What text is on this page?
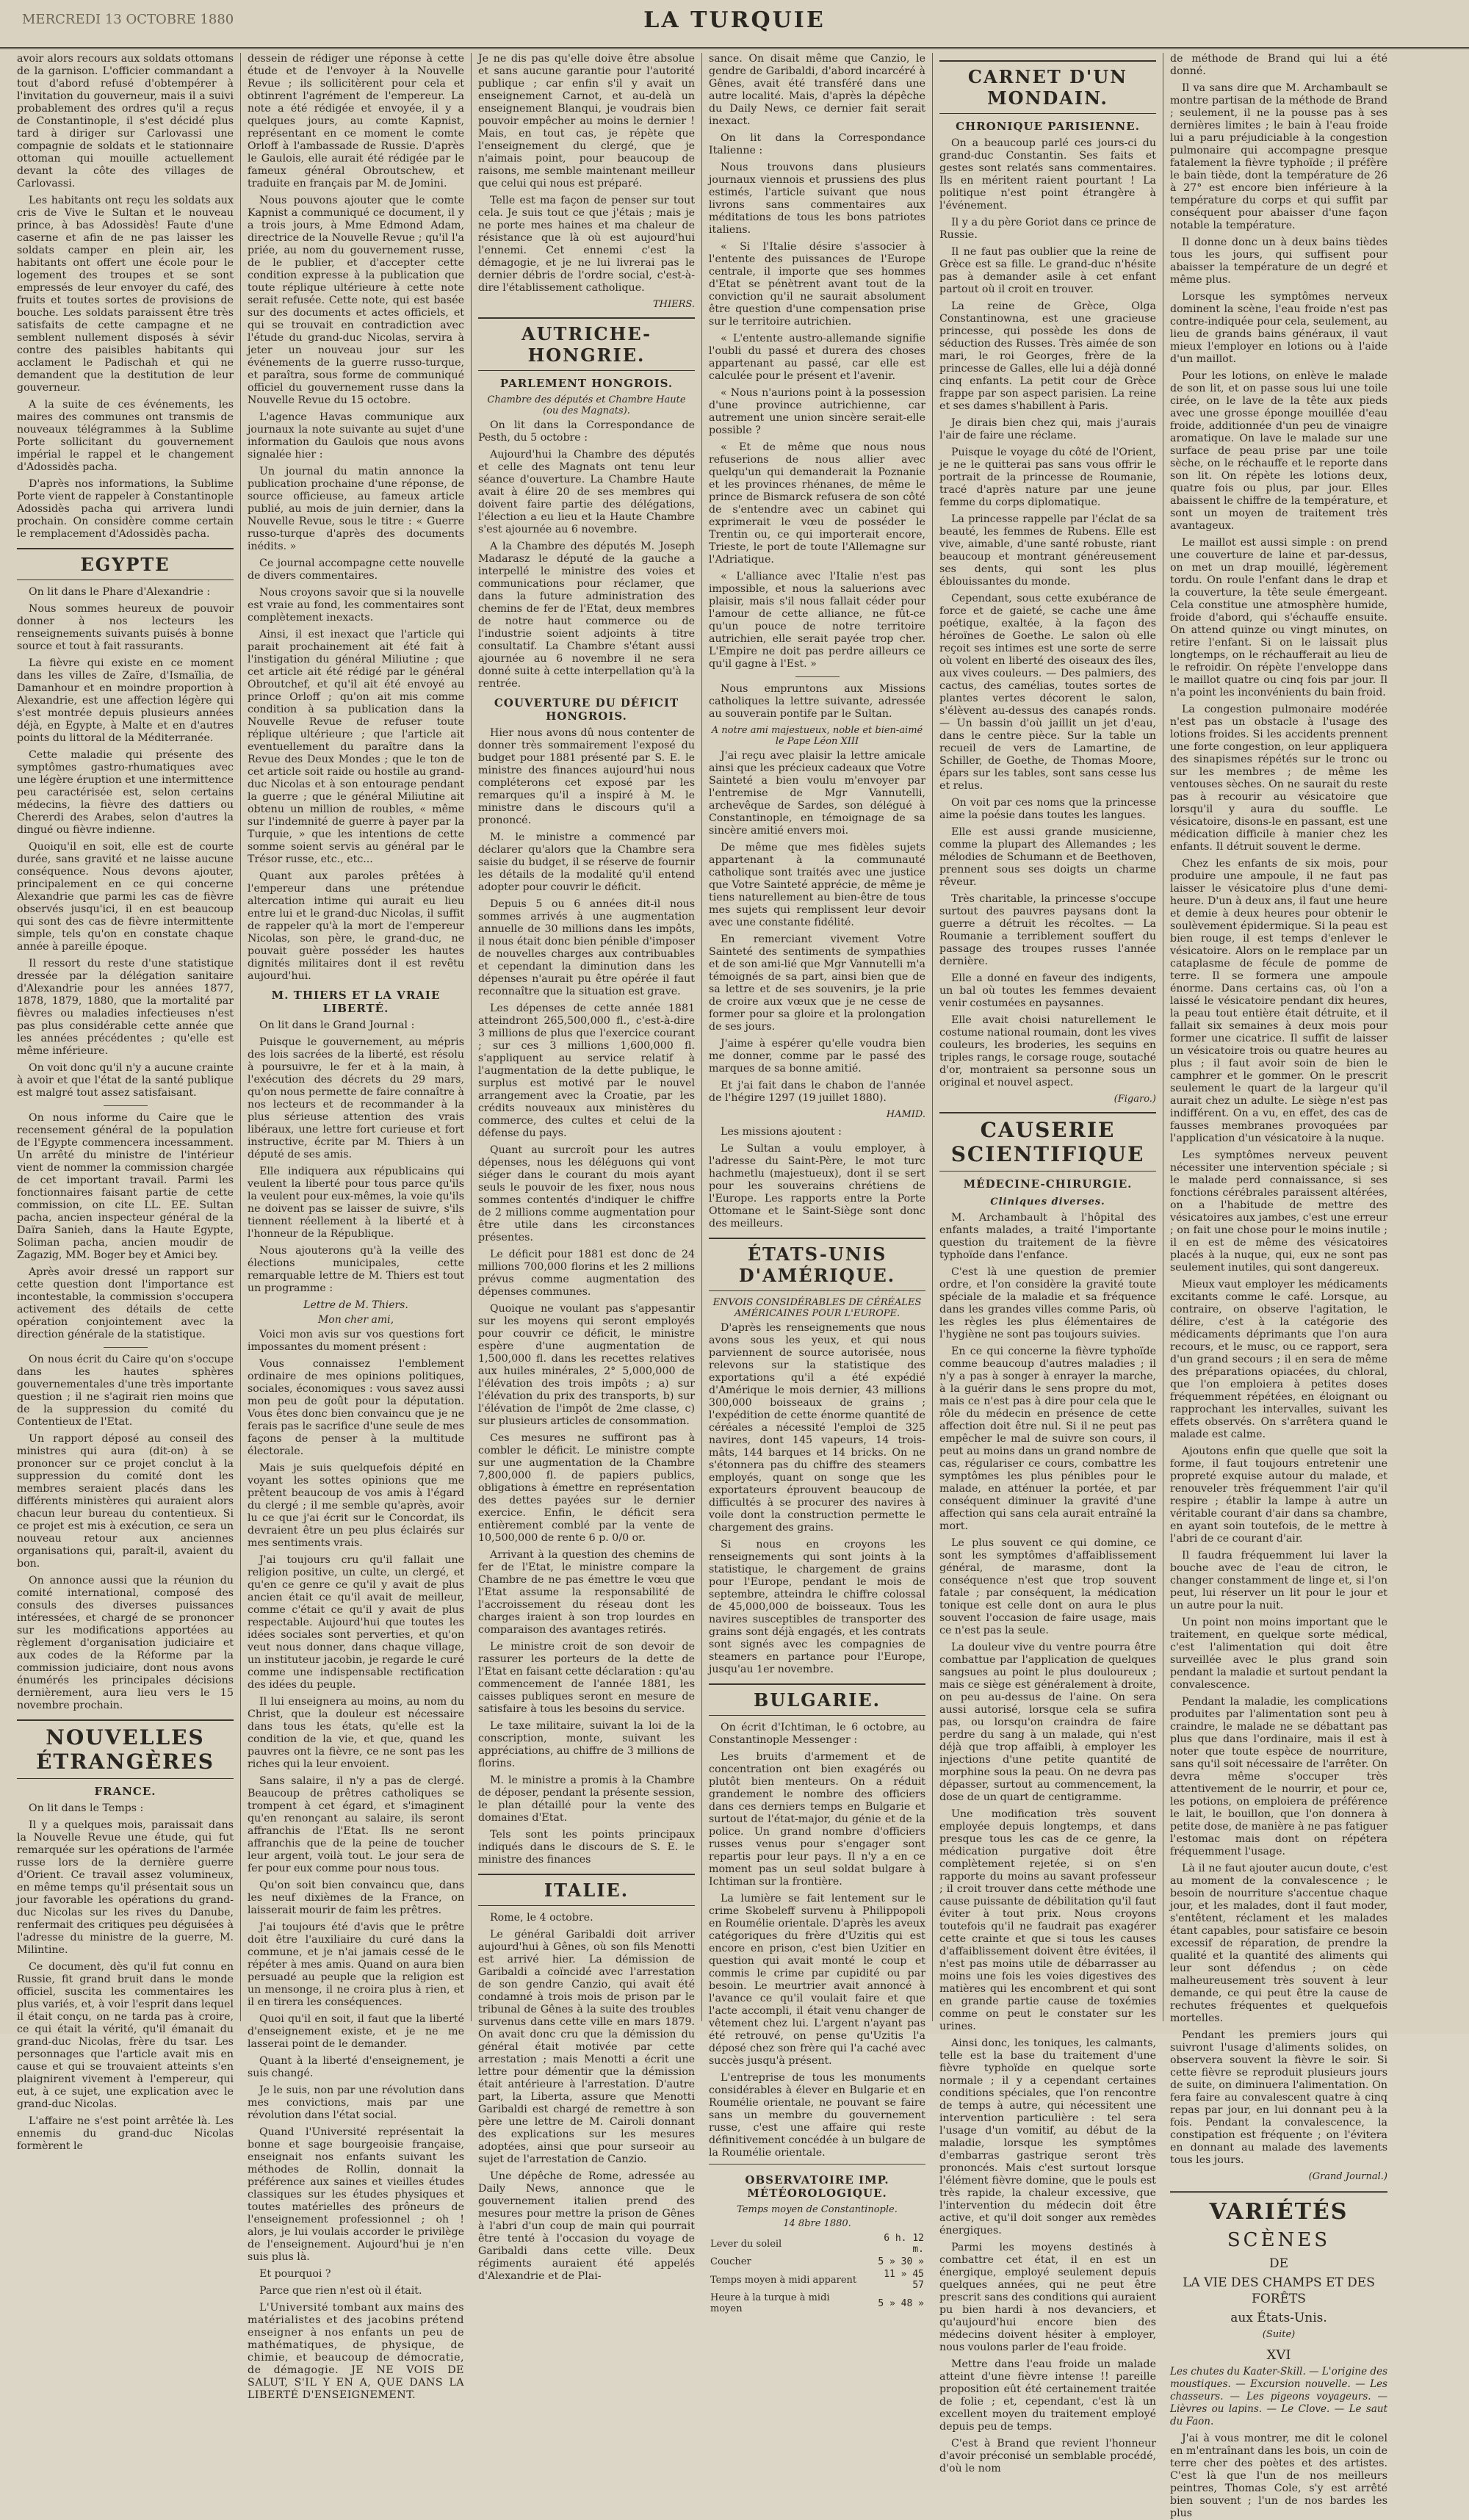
MERCREDI 13 OCTOBRE 1880	LA TURQUIE

avoir alors recours aux soldats ottomans de la garnison. L'officier commandant a tout d'abord refusé d'obtempérer à l'invitation du gouverneur, mais il a suivi probablement des ordres qu'il a reçus de Constantinople, il s'est décidé plus tard à diriger sur Carlovassi une compagnie de soldats et le stationnaire ottoman qui mouille actuellement devant la côte des villages de Carlovassi.

Les habitants ont reçu les soldats aux cris de Vive le Sultan et le nouveau prince, à bas Adossidès! Faute d'une caserne et afin de ne pas laisser les soldats camper en plein air, les habitants ont offert une école pour le logement des troupes et se sont empressés de leur envoyer du café, des fruits et toutes sortes de provisions de bouche. Les soldats paraissent être très satisfaits de cette campagne et ne semblent nullement disposés à sévir contre des paisibles habitants qui acclament le Padischah et qui ne demandent que la destitution de leur gouverneur.

A la suite de ces événements, les maires des communes ont transmis de nouveaux télégrammes à la Sublime Porte sollicitant du gouvernement impérial le rappel et le changement d'Adossidès pacha.

D'après nos informations, la Sublime Porte vient de rappeler à Constantinople Adossidès pacha qui arrivera lundi prochain. On considère comme certain le remplacement d'Adossidès pacha.

EGYPTE

On lit dans le Phare d'Alexandrie :

Nous sommes heureux de pouvoir donner à nos lecteurs les renseignements suivants puisés à bonne source et tout à fait rassurants.

La fièvre qui existe en ce moment dans les villes de Zaïre, d'Ismaïlia, de Damanhour et en moindre proportion à Alexandrie, est une affection légère qui s'est montrée depuis plusieurs années déjà, en Egypte, à Malte et en d'autres points du littoral de la Méditerranée.

Cette maladie qui présente des symptômes gastro-rhumatiques avec une légère éruption et une intermittence peu caractérisée est, selon certains médecins, la fièvre des dattiers ou Chererdi des Arabes, selon d'autres la dingué ou fièvre indienne.

Quoiqu'il en soit, elle est de courte durée, sans gravité et ne laisse aucune conséquence. Nous devons ajouter, principalement en ce qui concerne Alexandrie que parmi les cas de fièvre observés jusqu'ici, il en est beaucoup qui sont des cas de fièvre intermittente simple, tels qu'on en constate chaque année à pareille époque.

Il ressort du reste d'une statistique dressée par la délégation sanitaire d'Alexandrie pour les années 1877, 1878, 1879, 1880, que la mortalité par fièvres ou maladies infectieuses n'est pas plus considérable cette année que les années précédentes ; qu'elle est même inférieure.

On voit donc qu'il n'y a aucune crainte à avoir et que l'état de la santé publique est malgré tout assez satisfaisant.

On nous informe du Caire que le recensement général de la population de l'Egypte commencera incessamment. Un arrêté du ministre de l'intérieur vient de nommer la commission chargée de cet important travail. Parmi les fonctionnaires faisant partie de cette commission, on cite LL. EE. Sultan pacha, ancien inspecteur général de la Daïra Sanieh, dans la Haute Egypte, Soliman pacha, ancien moudir de Zagazig, MM. Boger bey et Amici bey.

Après avoir dressé un rapport sur cette question dont l'importance est incontestable, la commission s'occupera activement des détails de cette opération conjointement avec la direction générale de la statistique.

On nous écrit du Caire qu'on s'occupe dans les hautes sphères gouvernementales d'une très importante question ; il ne s'agirait rien moins que de la suppression du comité du Contentieux de l'Etat.

Un rapport déposé au conseil des ministres qui aura (dit-on) à se prononcer sur ce projet conclut à la suppression du comité dont les membres seraient placés dans les différents ministères qui auraient alors chacun leur bureau du contentieux. Si ce projet est mis à exécution, ce sera un nouveau retour aux anciennes organisations qui, paraît-il, avaient du bon.

On annonce aussi que la réunion du comité international, composé des consuls des diverses puissances intéressées, et chargé de se prononcer sur les modifications apportées au règlement d'organisation judiciaire et aux codes de la Réforme par la commission judiciaire, dont nous avons énumérés les principales décisions dernièrement, aura lieu vers le 15 novembre prochain.

NOUVELLES ÉTRANGÈRES
FRANCE.

On lit dans le Temps :

Il y a quelques mois, paraissait dans la Nouvelle Revue une étude, qui fut remarquée sur les opérations de l'armée russe lors de la dernière guerre d'Orient. Ce travail assez volumineux, en même temps qu'il présentait sous un jour favorable les opérations du grand-duc Nicolas sur les rives du Danube, renfermait des critiques peu déguisées à l'adresse du ministre de la guerre, M. Milintine.

Ce document, dès qu'il fut connu en Russie, fit grand bruit dans le monde officiel, suscita les commentaires les plus variés, et, à voir l'esprit dans lequel il était conçu, on ne tarda pas à croire, ce qui était la vérité, qu'il émanait du grand-duc Nicolas, frère du tsar. Les personnages que l'article avait mis en cause et qui se trouvaient atteints s'en plaignirent vivement à l'empereur, qui eut, à ce sujet, une explication avec le grand-duc Nicolas.

L'affaire ne s'est point arrêtée là. Les ennemis du grand-duc Nicolas formèrent le

dessein de rédiger une réponse à cette étude et de l'envoyer à la Nouvelle Revue ; ils sollicitèrent pour cela et obtinrent l'agrément de l'empereur. La note a été rédigée et envoyée, il y a quelques jours, au comte Kapnist, représentant en ce moment le comte Orloff à l'ambassade de Russie. D'après le Gaulois, elle aurait été rédigée par le fameux général Obroutschew, et traduite en français par M. de Jomini.

Nous pouvons ajouter que le comte Kapnist a communiqué ce document, il y a trois jours, à Mme Edmond Adam, directrice de la Nouvelle Revue ; qu'il l'a priée, au nom du gouvernement russe, de le publier, et d'accepter cette condition expresse à la publication que toute réplique ultérieure à cette note serait refusée. Cette note, qui est basée sur des documents et actes officiels, et qui se trouvait en contradiction avec l'étude du grand-duc Nicolas, servira à jeter un nouveau jour sur les événements de la guerre russo-turque, et paraîtra, sous forme de communiqué officiel du gouvernement russe dans la Nouvelle Revue du 15 octobre.

L'agence Havas communique aux journaux la note suivante au sujet d'une information du Gaulois que nous avons signalée hier :

Un journal du matin annonce la publication prochaine d'une réponse, de source officieuse, au fameux article publié, au mois de juin dernier, dans la Nouvelle Revue, sous le titre : « Guerre russo-turque d'après des documents inédits. »

Ce journal accompagne cette nouvelle de divers commentaires.

Nous croyons savoir que si la nouvelle est vraie au fond, les commentaires sont complètement inexacts.

Ainsi, il est inexact que l'article qui parait prochainement ait été fait à l'instigation du général Miliutine ; que cet article ait été rédigé par le général Obroutchef, et qu'il ait été envoyé au prince Orloff ; qu'on ait mis comme condition à sa publication dans la Nouvelle Revue de refuser toute réplique ultérieure ; que l'article ait eventuellement du paraître dans la Revue des Deux Mondes ; que le ton de cet article soit raide ou hostile au grand-duc Nicolas et à son entourage pendant la guerre ; que le général Miliutine ait obtenu un million de roubles, « même sur l'indemnité de guerre à payer par la Turquie, » que les intentions de cette somme soient servis au général par le Trésor russe, etc., etc...

Quant aux paroles prêtées à l'empereur dans une prétendue altercation intime qui aurait eu lieu entre lui et le grand-duc Nicolas, il suffit de rappeler qu'à la mort de l'empereur Nicolas, son père, le grand-duc, ne pouvait guère posséder les hautes dignités militaires dont il est revêtu aujourd'hui.

M. THIERS ET LA VRAIE LIBERTÉ.

On lit dans le Grand Journal :

Puisque le gouvernement, au mépris des lois sacrées de la liberté, est résolu à poursuivre, le fer et à la main, à l'exécution des décrets du 29 mars, qu'on nous permette de faire connaître à nos lecteurs et de recommander à la plus sérieuse attention des vrais libéraux, une lettre fort curieuse et fort instructive, écrite par M. Thiers à un député de ses amis.

Elle indiquera aux républicains qui veulent la liberté pour tous parce qu'ils la veulent pour eux-mêmes, la voie qu'ils ne doivent pas se laisser de suivre, s'ils tiennent réellement à la liberté et à l'honneur de la République.

Nous ajouterons qu'à la veille des élections municipales, cette remarquable lettre de M. Thiers est tout un programme :

Lettre de M. Thiers.
Mon cher ami,

Voici mon avis sur vos questions fort impossantes du moment présent :

Vous connaissez l'emblement ordinaire de mes opinions politiques, sociales, économiques : vous savez aussi mon peu de goût pour la députation. Vous êtes donc bien convaincu que je ne ferais pas le sacrifice d'une seule de mes façons de penser à la multitude électorale.

Mais je suis quelquefois dépité en voyant les sottes opinions que me prêtent beaucoup de vos amis à l'égard du clergé ; il me semble qu'après, avoir lu ce que j'ai écrit sur le Concordat, ils devraient être un peu plus éclairés sur mes sentiments vrais.

J'ai toujours cru qu'il fallait une religion positive, un culte, un clergé, et qu'en ce genre ce qu'il y avait de plus ancien était ce qu'il avait de meilleur, comme c'était ce qu'il y avait de plus respectable. Aujourd'hui que toutes les idées sociales sont perverties, et qu'on veut nous donner, dans chaque village, un instituteur jacobin, je regarde le curé comme une indispensable rectification des idées du peuple.

Il lui enseignera au moins, au nom du Christ, que la douleur est nécessaire dans tous les états, qu'elle est la condition de la vie, et que, quand les pauvres ont la fièvre, ce ne sont pas les riches qui la leur envoient.

Sans salaire, il n'y a pas de clergé. Beaucoup de prêtres catholiques se trompent à cet égard, et s'imaginent qu'en renonçant au salaire, ils seront affranchis de l'Etat. Ils ne seront affranchis que de la peine de toucher leur argent, voilà tout. Le jour sera de fer pour eux comme pour nous tous.

Qu'on soit bien convaincu que, dans les neuf dixièmes de la France, on laisserait mourir de faim les prêtres.

J'ai toujours été d'avis que le prêtre doit être l'auxiliaire du curé dans la commune, et je n'ai jamais cessé de le répéter à mes amis. Quand on aura bien persuadé au peuple que la religion est un mensonge, il ne croira plus à rien, et il en tirera les conséquences.

Quoi qu'il en soit, il faut que la liberté d'enseignement existe, et je ne me lasserai point de le demander.

Quant à la liberté d'enseignement, je suis changé.

Je le suis, non par une révolution dans mes convictions, mais par une révolution dans l'état social.

Quand l'Université représentait la bonne et sage bourgeoisie française, enseignait nos enfants suivant les méthodes de Rollin, donnait la préférence aux saines et vieilles études classiques sur les études physiques et toutes matérielles des prôneurs de l'enseignement professionnel ; oh ! alors, je lui voulais accorder le privilège de l'enseignement. Aujourd'hui je n'en suis plus là.

Et pourquoi ?

Parce que rien n'est où il était.

L'Université tombant aux mains des matérialistes et des jacobins prétend enseigner à nos enfants un peu de mathématiques, de physique, de chimie, et beaucoup de démocratie, de démagogie. JE NE VOIS DE SALUT, S'IL Y EN A, QUE DANS LA LIBERTÉ D'ENSEIGNEMENT.

Je ne dis pas qu'elle doive être absolue et sans aucune garantie pour l'autorité publique ; car enfin s'il y avait un enseignement Carnot, et au-delà un enseignement Blanqui, je voudrais bien pouvoir empêcher au moins le dernier ! Mais, en tout cas, je répète que l'enseignement du clergé, que je n'aimais point, pour beaucoup de raisons, me semble maintenant meilleur que celui qui nous est préparé.

Telle est ma façon de penser sur tout cela. Je suis tout ce que j'étais ; mais je ne porte mes haines et ma chaleur de résistance que là où est aujourd'hui l'ennemi. Cet ennemi c'est la démagogie, et je ne lui livrerai pas le dernier débris de l'ordre social, c'est-à-dire l'établissement catholique.

THIERS.
AUTRICHE-HONGRIE.
PARLEMENT HONGROIS.
Chambre des députés et Chambre Haute (ou des Magnats).

On lit dans la Correspondance de Pesth, du 5 octobre :

Aujourd'hui la Chambre des députés et celle des Magnats ont tenu leur séance d'ouverture. La Chambre Haute avait à élire 20 de ses membres qui doivent faire partie des délégations, l'élection a eu lieu et la Haute Chambre s'est ajournée au 6 novembre.

A la Chambre des députés M. Joseph Madarasz le député de la gauche a interpellé le ministre des voies et communications pour réclamer, que dans la future administration des chemins de fer de l'Etat, deux membres de notre haut commerce ou de l'industrie soient adjoints à titre consultatif. La Chambre s'étant aussi ajournée au 6 novembre il ne sera donné suite à cette interpellation qu'à la rentrée.

COUVERTURE DU DÉFICIT HONGROIS.

Hier nous avons dû nous contenter de donner très sommairement l'exposé du budget pour 1881 présenté par S. E. le ministre des finances aujourd'hui nous compléterons cet exposé par les remarques qu'il a inspiré à M. le ministre dans le discours qu'il a prononcé.

M. le ministre a commencé par déclarer qu'alors que la Chambre sera saisie du budget, il se réserve de fournir les détails de la modalité qu'il entend adopter pour couvrir le déficit.

Depuis 5 ou 6 années dit-il nous sommes arrivés à une augmentation annuelle de 30 millions dans les impôts, il nous était donc bien pénible d'imposer de nouvelles charges aux contribuables et cependant la diminution dans les dépenses n'aurait pu être opérée il faut reconnaître que la situation est grave.

Les dépenses de cette année 1881 atteindront 265,500,000 fl., c'est-à-dire 3 millions de plus que l'exercice courant ; sur ces 3 millions 1,600,000 fl. s'appliquent au service relatif à l'augmentation de la dette publique, le surplus est motivé par le nouvel arrangement avec la Croatie, par les crédits nouveaux aux ministères du commerce, des cultes et celui de la défense du pays.

Quant au surcroît pour les autres dépenses, nous les déléguons qui vont siéger dans le courant du mois ayant seuls le pouvoir de les fixer, nous nous sommes contentés d'indiquer le chiffre de 2 millions comme augmentation pour être utile dans les circonstances présentes.

Le déficit pour 1881 est donc de 24 millions 700,000 florins et les 2 millions prévus comme augmentation des dépenses communes.

Quoique ne voulant pas s'appesantir sur les moyens qui seront employés pour couvrir ce déficit, le ministre espère d'une augmentation de 1,500,000 fl. dans les recettes relatives aux huiles minérales, 2° 5,000,000 de l'élévation des trois impôts ; a) sur l'élévation du prix des transports, b) sur l'élévation de l'impôt de 2me classe, c) sur plusieurs articles de consommation.

Ces mesures ne suffiront pas à combler le déficit. Le ministre compte sur une augmentation de la Chambre 7,800,000 fl. de papiers publics, obligations à émettre en représentation des dettes payées sur le dernier exercice. Enfin, le déficit sera entièrement comblé par la vente de 10,500,000 de rente 6 p. 0/0 or.

Arrivant à la question des chemins de fer de l'Etat, le ministre compare la Chambre de ne pas émettre le vœu que l'Etat assume la responsabilité de l'accroissement du réseau dont les charges iraient à son trop lourdes en comparaison des avantages retirés.

Le ministre croit de son devoir de rassurer les porteurs de la dette de l'Etat en faisant cette déclaration : qu'au commencement de l'année 1881, les caisses publiques seront en mesure de satisfaire à tous les besoins du service.

Le taxe militaire, suivant la loi de la conscription, monte, suivant les appréciations, au chiffre de 3 millions de florins.

M. le ministre a promis à la Chambre de déposer, pendant la présente session, le plan détaillé pour la vente des domaines d'Etat.

Tels sont les points principaux indiqués dans le discours de S. E. le ministre des finances

ITALIE.

Rome, le 4 octobre.

Le général Garibaldi doit arriver aujourd'hui à Gênes, où son fils Menotti est arrivé hier. La démission de Garibaldi a coïncidé avec l'arrestation de son gendre Canzio, qui avait été condamné à trois mois de prison par le tribunal de Gênes à la suite des troubles survenus dans cette ville en mars 1879. On avait donc cru que la démission du général était motivée par cette arrestation ; mais Menotti a écrit une lettre pour démentir que la démission était antérieure à l'arrestation. D'autre part, la Liberta, assure que Menotti Garibaldi est chargé de remettre à son père une lettre de M. Cairoli donnant des explications sur les mesures adoptées, ainsi que pour surseoir au sujet de l'arrestation de Canzio.

Une dépêche de Rome, adressée au Daily News, annonce que le gouvernement italien prend des mesures pour mettre la prison de Gênes à l'abri d'un coup de main qui pourrait être tenté à l'occasion du voyage de Garibaldi dans cette ville. Deux régiments auraient été appelés d'Alexandrie et de Plai-

sance. On disait même que Canzio, le gendre de Garibaldi, d'abord incarcéré à Gênes, avait été transféré dans une autre localité. Mais, d'après la dépêche du Daily News, ce dernier fait serait inexact.

On lit dans la Correspondance Italienne :

Nous trouvons dans plusieurs journaux viennois et prussiens des plus estimés, l'article suivant que nous livrons sans commentaires aux méditations de tous les bons patriotes italiens.

« Si l'Italie désire s'associer à l'entente des puissances de l'Europe centrale, il importe que ses hommes d'Etat se pénètrent avant tout de la conviction qu'il ne saurait absolument être question d'une compensation prise sur le territoire autrichien.

« L'entente austro-allemande signifie l'oubli du passé et durera des choses appartenant au passé, car elle est calculée pour le présent et l'avenir.

« Nous n'aurions point à la possession d'une province autrichienne, car autrement une union sincère serait-elle possible ?

« Et de même que nous nous refuserions de nous allier avec quelqu'un qui demanderait la Poznanie et les provinces rhénanes, de même le prince de Bismarck refusera de son côté de s'entendre avec un cabinet qui exprimerait le vœu de posséder le Trentin ou, ce qui importerait encore, Trieste, le port de toute l'Allemagne sur l'Adriatique.

« L'alliance avec l'Italie n'est pas impossible, et nous la saluerions avec plaisir, mais s'il nous fallait céder pour l'amour de cette alliance, ne fût-ce qu'un pouce de notre territoire autrichien, elle serait payée trop cher. L'Empire ne doit pas perdre ailleurs ce qu'il gagne à l'Est. »

Nous empruntons aux Missions catholiques la lettre suivante, adressée au souverain pontife par le Sultan.

A notre ami majestueux, noble et bien-aimé le Pape Léon XIII

J'ai reçu avec plaisir la lettre amicale ainsi que les précieux cadeaux que Votre Sainteté a bien voulu m'envoyer par l'entremise de Mgr Vannutelli, archevêque de Sardes, son délégué à Constantinople, en témoignage de sa sincère amitié envers moi.

De même que mes fidèles sujets appartenant à la communauté catholique sont traités avec une justice que Votre Sainteté apprécie, de même je tiens naturellement au bien-être de tous mes sujets qui remplissent leur devoir avec une constante fidélité.

En remerciant vivement Votre Sainteté des sentiments de sympathies et de son ami-lié que Mgr Vannutelli m'a témoignés de sa part, ainsi bien que de sa lettre et de ses souvenirs, je la prie de croire aux vœux que je ne cesse de former pour sa gloire et la prolongation de ses jours.

J'aime à espérer qu'elle voudra bien me donner, comme par le passé des marques de sa bonne amitié.

Et j'ai fait dans le chabon de l'année de l'hégire 1297 (19 juillet 1880).

HAMID.

Les missions ajoutent :

Le Sultan a voulu employer, à l'adresse du Saint-Père, le mot turc hachmetlu (majestueux), dont il se sert pour les souverains chrétiens de l'Europe. Les rapports entre la Porte Ottomane et le Saint-Siège sont donc des meilleurs.

ÉTATS-UNIS D'AMÉRIQUE.
ENVOIS CONSIDÉRABLES DE CÉRÉALES AMÉRICAINES POUR L'EUROPE.

D'après les renseignements que nous avons sous les yeux, et qui nous parviennent de source autorisée, nous relevons sur la statistique des exportations qu'il a été expédié d'Amérique le mois dernier, 43 millions 300,000 boisseaux de grains ; l'expédition de cette énorme quantité de céréales a nécessité l'emploi de 325 navires, dont 145 vapeurs, 14 trois-mâts, 144 barques et 14 bricks. On ne s'étonnera pas du chiffre des steamers employés, quant on songe que les exportateurs éprouvent beaucoup de difficultés à se procurer des navires à voile dont la construction permette le chargement des grains.

Si nous en croyons les renseignements qui sont joints à la statistique, le chargement de grains pour l'Europe, pendant le mois de septembre, atteindra le chiffre colossal de 45,000,000 de boisseaux. Tous les navires susceptibles de transporter des grains sont déjà engagés, et les contrats sont signés avec les compagnies de steamers en partance pour l'Europe, jusqu'au 1er novembre.

BULGARIE.

On écrit d'Ichtiman, le 6 octobre, au Constantinople Messenger :

Les bruits d'armement et de concentration ont bien exagérés ou plutôt bien menteurs. On a réduit grandement le nombre des officiers dans ces derniers temps en Bulgarie et surtout de l'état-major, du génie et de la police. Un grand nombre d'officiers russes venus pour s'engager sont repartis pour leur pays. Il n'y a en ce moment pas un seul soldat bulgare à Ichtiman sur la frontière.

La lumière se fait lentement sur le crime Skobeleff survenu à Philippopoli en Roumélie orientale. D'après les aveux catégoriques du frère d'Uzitis qui est encore en prison, c'est bien Uzitier en question qui avait monté le coup et commis le crime par cupidité ou par besoin. Le meurtrier avait annoncé à l'avance ce qu'il voulait faire et que l'acte accompli, il était venu changer de vêtement chez lui. L'argent n'ayant pas été retrouvé, on pense qu'Uzitis l'a déposé chez son frère qui l'a caché avec succès jusqu'à présent.

L'entreprise de tous les monuments considérables à élever en Bulgarie et en Roumélie orientale, ne pouvant se faire sans un membre du gouvernement russe, c'est une affaire qui reste définitivement concédée à un bulgare de la Roumélie orientale.

OBSERVATOIRE IMP. MÉTÉOROLOGIQUE.
Temps moyen de Constantinople.
14 8bre 1880.
Lever du soleil	6 h. 12 m.
Coucher	5 » 30 »
Temps moyen à midi apparent	11 » 45 57
Heure à la turque à midi moyen	5 » 48 »
CARNET D'UN MONDAIN.
CHRONIQUE PARISIENNE.

On a beaucoup parlé ces jours-ci du grand-duc Constantin. Ses faits et gestes sont relatés sans commentaires. Ils en méritent raient pourtant ! La politique n'est point étrangère à l'événement.

Il y a du père Goriot dans ce prince de Russie.

Il ne faut pas oublier que la reine de Grèce est sa fille. Le grand-duc n'hésite pas à demander asile à cet enfant partout où il croit en trouver.

La reine de Grèce, Olga Constantinowna, est une gracieuse princesse, qui possède les dons de séduction des Russes. Très aimée de son mari, le roi Georges, frère de la princesse de Galles, elle lui a déjà donné cinq enfants. La petit cour de Grèce frappe par son aspect parisien. La reine et ses dames s'habillent à Paris.

Je dirais bien chez qui, mais j'aurais l'air de faire une réclame.

Puisque le voyage du côté de l'Orient, je ne le quitterai pas sans vous offrir le portrait de la princesse de Roumanie, tracé d'après nature par une jeune femme du corps diplomatique.

La princesse rappelle par l'éclat de sa beauté, les femmes de Rubens. Elle est vive, aimable, d'une santé robuste, riant beaucoup et montrant généreusement ses dents, qui sont les plus éblouissantes du monde.

Cependant, sous cette exubérance de force et de gaieté, se cache une âme poétique, exaltée, à la façon des héroïnes de Goethe. Le salon où elle reçoit ses intimes est une sorte de serre où volent en liberté des oiseaux des îles, aux vives couleurs. — Des palmiers, des cactus, des camélias, toutes sortes de plantes vertes décorent le salon, s'élèvent au-dessus des canapés ronds. — Un bassin d'où jaillit un jet d'eau, dans le centre pièce. Sur la table un recueil de vers de Lamartine, de Schiller, de Goethe, de Thomas Moore, épars sur les tables, sont sans cesse lus et relus.

On voit par ces noms que la princesse aime la poésie dans toutes les langues.

Elle est aussi grande musicienne, comme la plupart des Allemandes ; les mélodies de Schumann et de Beethoven, prennent sous ses doigts un charme rêveur.

Très charitable, la princesse s'occupe surtout des pauvres paysans dont la guerre a détruit les récoltes. — La Roumanie a terriblement souffert du passage des troupes russes l'année dernière.

Elle a donné en faveur des indigents, un bal où toutes les femmes devaient venir costumées en paysannes.

Elle avait choisi naturellement le costume national roumain, dont les vives couleurs, les broderies, les sequins en triples rangs, le corsage rouge, soutaché d'or, montraient sa personne sous un original et nouvel aspect.

(Figaro.)
CAUSERIE SCIENTIFIQUE
MÉDECINE-CHIRURGIE.
Cliniques diverses.

M. Archambault à l'hôpital des enfants malades, a traité l'importante question du traitement de la fièvre typhoïde dans l'enfance.

C'est là une question de premier ordre, et l'on considère la gravité toute spéciale de la maladie et sa fréquence dans les grandes villes comme Paris, où les règles les plus élémentaires de l'hygiène ne sont pas toujours suivies.

En ce qui concerne la fièvre typhoïde comme beaucoup d'autres maladies ; il n'y a pas à songer à enrayer la marche, à la guérir dans le sens propre du mot, mais ce n'est pas à dire pour cela que le rôle du médecin en présence de cette affection doit être nul. Si il ne peut pas empêcher le mal de suivre son cours, il peut au moins dans un grand nombre de cas, régulariser ce cours, combattre les symptômes les plus pénibles pour le malade, en atténuer la portée, et par conséquent diminuer la gravité d'une affection qui sans cela aurait entraîné la mort.

Le plus souvent ce qui domine, ce sont les symptômes d'affaiblissement général, de marasme, dont la conséquence n'est que trop souvent fatale ; par conséquent, la médication tonique est celle dont on aura le plus souvent l'occasion de faire usage, mais ce n'est pas la seule.

La douleur vive du ventre pourra être combattue par l'application de quelques sangsues au point le plus douloureux ; mais ce siège est généralement à droite, on peu au-dessus de l'aine. On sera aussi autorisé, lorsque cela se sufira pas, ou lorsqu'on craindra de faire perdre du sang à un malade, qui n'est déjà que trop affaibli, à employer les injections d'une petite quantité de morphine sous la peau. On ne devra pas dépasser, surtout au commencement, la dose de un quart de centigramme.

Une modification très souvent employée depuis longtemps, et dans presque tous les cas de ce genre, la médication purgative doit être complètement rejetée, si on s'en rapporte du moins au savant professeur ; il croit trouver dans cette méthode une cause puissante de débilitation qu'il faut éviter à tout prix. Nous croyons toutefois qu'il ne faudrait pas exagérer cette crainte et que si tous les causes d'affaiblissement doivent être évitées, il n'est pas moins utile de débarrasser au moins une fois les voies digestives des matières qui les encombrent et qui sont en grande partie cause de toxémies comme on peut le constater sur les urines.

Ainsi donc, les toniques, les calmants, telle est la base du traitement d'une fièvre typhoïde en quelque sorte normale ; il y a cependant certaines conditions spéciales, que l'on rencontre de temps à autre, qui nécessitent une intervention particulière : tel sera l'usage d'un vomitif, au début de la maladie, lorsque les symptômes d'embarras gastrique seront très prononcés. Mais c'est surtout lorsque l'élément fièvre domine, que le pouls est très rapide, la chaleur excessive, que l'intervention du médecin doit être active, et qu'il doit songer aux remèdes énergiques.

Parmi les moyens destinés à combattre cet état, il en est un énergique, employé seulement depuis quelques années, qui ne peut être prescrit sans des conditions qui auraient pu bien hardi à nos devanciers, et qu'aujourd'hui encore bien des médecins doivent hésiter à employer, nous voulons parler de l'eau froide.

Mettre dans l'eau froide un malade atteint d'une fièvre intense !! pareille proposition eût été certainement traitée de folie ; et, cependant, c'est là un excellent moyen du traitement employé depuis peu de temps.

C'est à Brand que revient l'honneur d'avoir préconisé un semblable procédé, d'où le nom

de méthode de Brand qui lui a été donné.

Il va sans dire que M. Archambault se montre partisan de la méthode de Brand ; seulement, il ne la pousse pas à ses dernières limites ; le bain à l'eau froide lui a paru préjudiciable à la congestion pulmonaire qui accompagne presque fatalement la fièvre typhoïde ; il préfère le bain tiède, dont la température de 26 à 27° est encore bien inférieure à la température du corps et qui suffit par conséquent pour abaisser d'une façon notable la température.

Il donne donc un à deux bains tièdes tous les jours, qui suffisent pour abaisser la température de un degré et même plus.

Lorsque les symptômes nerveux dominent la scène, l'eau froide n'est pas contre-indiquée pour cela, seulement, au lieu de grands bains généraux, il vaut mieux l'employer en lotions ou à l'aide d'un maillot.

Pour les lotions, on enlève le malade de son lit, et on passe sous lui une toile cirée, on le lave de la tête aux pieds avec une grosse éponge mouillée d'eau froide, additionnée d'un peu de vinaigre aromatique. On lave le malade sur une surface de peau prise par une toile sèche, on le réchauffe et le reporte dans son lit. On répète les lotions deux, quatre fois ou plus, par jour. Elles abaissent le chiffre de la température, et sont un moyen de traitement très avantageux.

Le maillot est aussi simple : on prend une couverture de laine et par-dessus, on met un drap mouillé, légèrement tordu. On roule l'enfant dans le drap et la couverture, la tête seule émergeant. Cela constitue une atmosphère humide, froide d'abord, qui s'échauffe ensuite. On attend quinze ou vingt minutes, on retire l'enfant. Si on le laissait plus longtemps, on le réchaufferait au lieu de le refroidir. On répète l'enveloppe dans le maillot quatre ou cinq fois par jour. Il n'a point les inconvénients du bain froid.

La congestion pulmonaire modérée n'est pas un obstacle à l'usage des lotions froides. Si les accidents prennent une forte congestion, on leur appliquera des sinapismes répétés sur le tronc ou sur les membres ; de même les ventouses sèches. On ne saurait du reste pas à recourir au vésicatoire que lorsqu'il y aura du souffle. Le vésicatoire, disons-le en passant, est une médication difficile à manier chez les enfants. Il détruit souvent le derme.

Chez les enfants de six mois, pour produire une ampoule, il ne faut pas laisser le vésicatoire plus d'une demi-heure. D'un à deux ans, il faut une heure et demie à deux heures pour obtenir le soulèvement épidermique. Si la peau est bien rouge, il est temps d'enlever le vésicatoire. Alors on le remplace par un cataplasme de fécule de pomme de terre. Il se formera une ampoule énorme. Dans certains cas, où l'on a laissé le vésicatoire pendant dix heures, la peau tout entière était détruite, et il fallait six semaines à deux mois pour former une cicatrice. Il suffit de laisser un vésicatoire trois ou quatre heures au plus ; il faut avoir soin de bien le camphrer et le gommer. On le prescrit seulement le quart de la largeur qu'il aurait chez un adulte. Le siège n'est pas indifférent. On a vu, en effet, des cas de fausses membranes provoquées par l'application d'un vésicatoire à la nuque.

Les symptômes nerveux peuvent nécessiter une intervention spéciale ; si le malade perd connaissance, si ses fonctions cérébrales paraissent altérées, on a l'habitude de mettre des vésicatoires aux jambes, c'est une erreur ; on fait une chose pour le moins inutile ; il en est de même des vésicatoires placés à la nuque, qui, eux ne sont pas seulement inutiles, qui sont dangereux.

Mieux vaut employer les médicaments excitants comme le café. Lorsque, au contraire, on observe l'agitation, le délire, c'est à la catégorie des médicaments déprimants que l'on aura recours, et le musc, ou ce rapport, sera d'un grand secours ; il en sera de même des préparations opiacées, du chloral, que l'on emploiera à petites doses fréquemment répétées, en éloignant ou rapprochant les intervalles, suivant les effets observés. On s'arrêtera quand le malade est calme.

Ajoutons enfin que quelle que soit la forme, il faut toujours entretenir une propreté exquise autour du malade, et renouveler très fréquemment l'air qu'il respire ; établir la lampe à autre un véritable courant d'air dans sa chambre, en ayant soin toutefois, de le mettre à l'abri de ce courant d'air.

Il faudra fréquemment lui laver la bouche avec de l'eau de citron, le changer constamment de linge et, si l'on peut, lui réserver un lit pour le jour et un autre pour la nuit.

Un point non moins important que le traitement, en quelque sorte médical, c'est l'alimentation qui doit être surveillée avec le plus grand soin pendant la maladie et surtout pendant la convalescence.

Pendant la maladie, les complications produites par l'alimentation sont peu à craindre, le malade ne se débattant pas plus que dans l'ordinaire, mais il est à noter que toute espèce de nourriture, sans qu'il soit nécessaire de l'arrêter. On devra même s'occuper très attentivement de le nourrir, et pour ce, les potions, on emploiera de préférence le lait, le bouillon, que l'on donnera à petite dose, de manière à ne pas fatiguer l'estomac mais dont on répétera fréquemment l'usage.

Là il ne faut ajouter aucun doute, c'est au moment de la convalescence ; le besoin de nourriture s'accentue chaque jour, et les malades, dont il faut moder, s'entêtent, réclament et les malades étant capables, pour satisfaire ce besoin excessif de réparation, de prendre la qualité et la quantité des aliments qui leur sont défendus ; on cède malheureusement très souvent à leur demande, ce qui peut être la cause de rechutes fréquentes et quelquefois mortelles.

Pendant les premiers jours qui suivront l'usage d'aliments solides, on observera souvent la fièvre le soir. Si cette fièvre se reproduit plusieurs jours de suite, on diminuera l'alimentation. On fera faire au convalescent quatre à cinq repas par jour, en lui donnant peu à la fois. Pendant la convalescence, la constipation est fréquente ; on l'évitera en donnant au malade des lavements tous les jours.

(Grand Journal.)
VARIÉTÉS
SCÈNES
DE
LA VIE DES CHAMPS ET DES FORÊTS
aux États-Unis.
(Suite)
XVI
Les chutes du Kaater-Skill. — L'origine des moustiques. — Excursion nouvelle. — Les chasseurs. — Les pigeons voyageurs. — Lièvres ou lapins. — Le Clove. — Le saut du Faon.

J'ai à vous montrer, me dit le colonel en m'entraînant dans les bois, un coin de terre cher des poètes et des artistes. C'est là que l'un de nos meilleurs peintres, Thomas Cole, s'y est arrêté bien souvent ; l'un de nos bardes les plus
